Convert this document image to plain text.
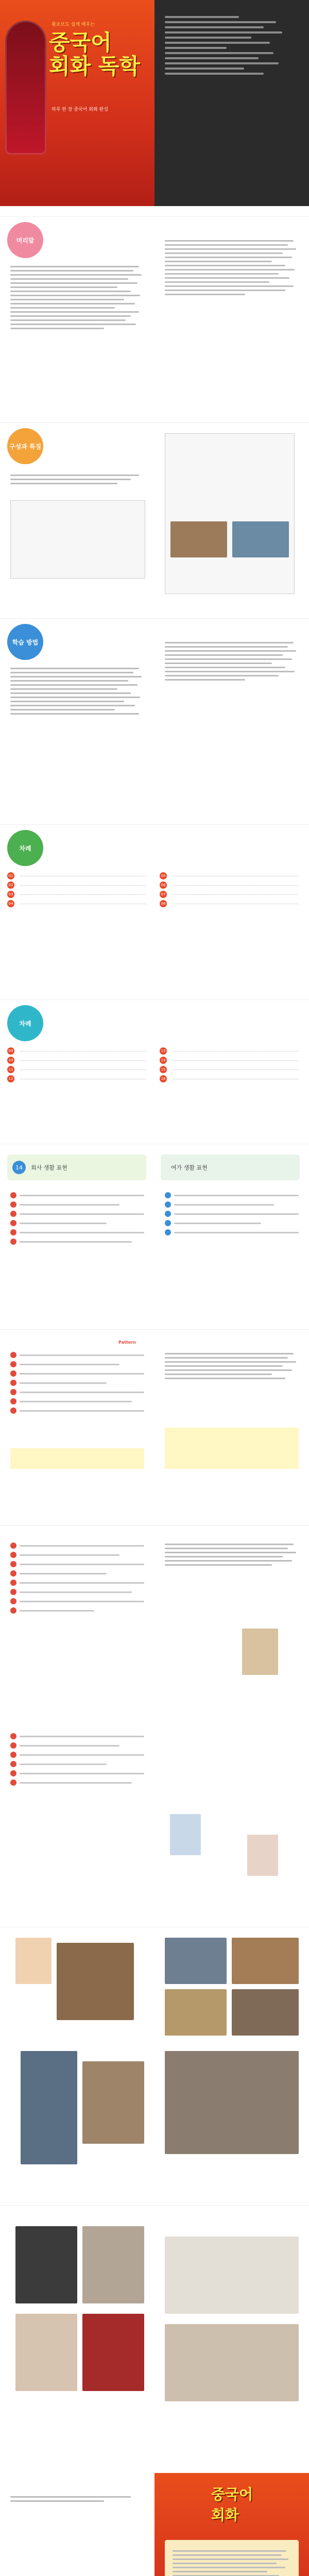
왕초보도 쉽게 배우는
중국어
회화 독학
하루 한 장 중국어 회화 완성
머리말
구성과 특징
학습 방법
차례
01
02
03
04
05
06
07
08
차례
09
10
11
12
13
14
15
16
14	회사 생활 표현	여가 생활 표현
Pattern
중국어
회화
